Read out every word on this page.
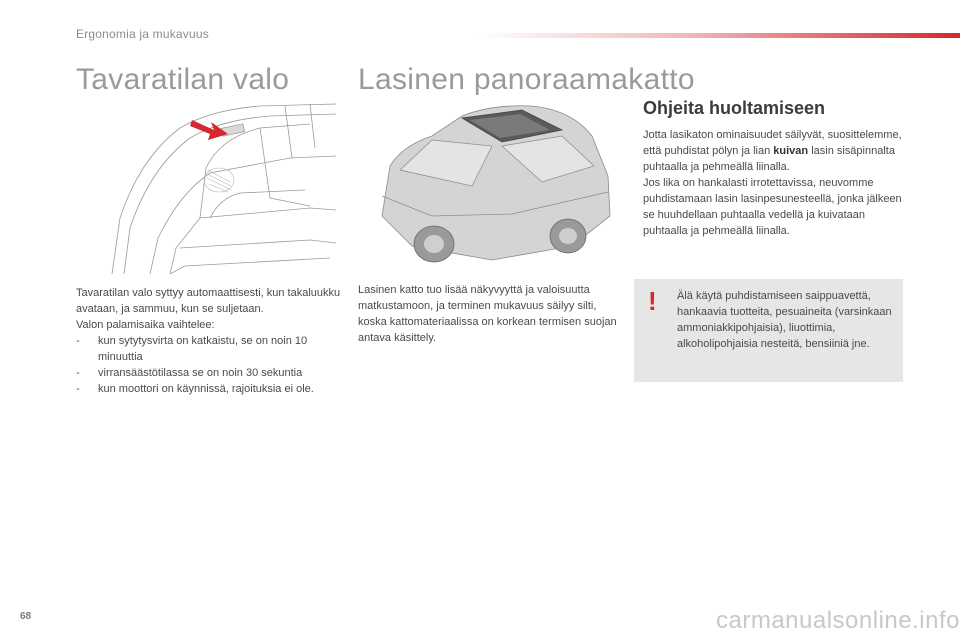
Ergonomia ja mukavuus
Tavaratilan valo Lasinen panoraamakatto

Tavaratilan valo syttyy automaattisesti, kun takaluukku avataan, ja sammuu, kun se suljetaan.

Valon palamisaika vaihtelee:

-	kun sytytysvirta on katkaistu, se on noin 10 minuuttia
-	virransäästötilassa se on noin 30 sekuntia
-	kun moottori on käynnissä, rajoituksia ei ole.
Lasinen katto tuo lisää näkyvyyttä ja valoisuutta matkustamoon, ja terminen mukavuus säilyy silti, koska kattomateriaalissa on korkean termisen suojan antava käsittely.
Ohjeita huoltamiseen

Jotta lasikaton ominaisuudet säilyvät, suosittelemme, että puhdistat pölyn ja lian kuivan lasin sisäpinnalta puhtaalla ja pehmeällä liinalla.

Jos lika on hankalasti irrotettavissa, neuvomme puhdistamaan lasin lasinpesunesteellä, jonka jälkeen se huuhdellaan puhtaalla vedellä ja kuivataan puhtaalla ja pehmeällä liinalla.

! Älä käytä puhdistamiseen saippuavettä, hankaavia tuotteita, pesuaineita (varsinkaan ammoniakkipohjaisia), liuottimia, alkoholipohjaisia nesteitä, bensiiniä jne.
68	carmanualsonline.info
